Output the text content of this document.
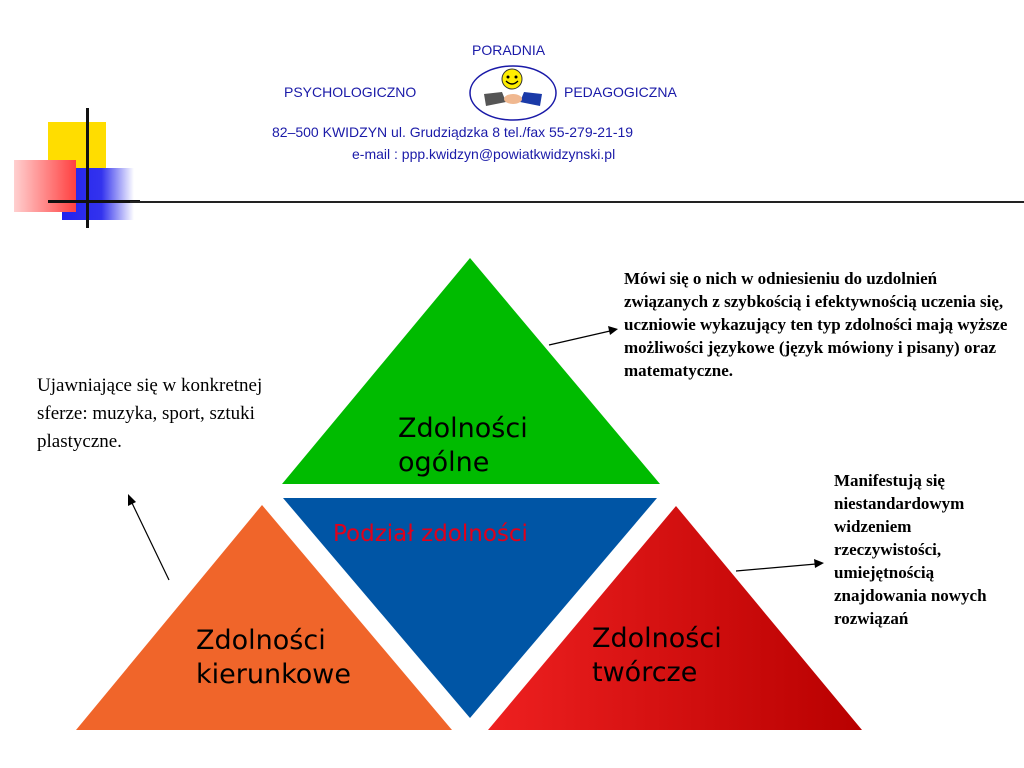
PORADNIA
PSYCHOLOGICZNO	PEDAGOGICZNA
82–500 KWIDZYN ul. Grudziądzka 8 tel./fax 55-279-21-19
e-mail : ppp.kwidzyn@powiatkwidzynski.pl
Zdolności
ogólne
Podział zdolności
Zdolności
kierunkowe
Zdolności
twórcze
Ujawniające się w konkretnej sferze: muzyka, sport, sztuki plastyczne.
Mówi się o nich w odniesieniu do uzdolnień związanych z szybkością i efektywnością uczenia się, uczniowie wykazujący ten typ zdolności mają wyższe możliwości językowe (język mówiony i pisany) oraz matematyczne.
Manifestują się niestandardowym widzeniem rzeczywistości, umiejętnością znajdowania nowych rozwiązań
